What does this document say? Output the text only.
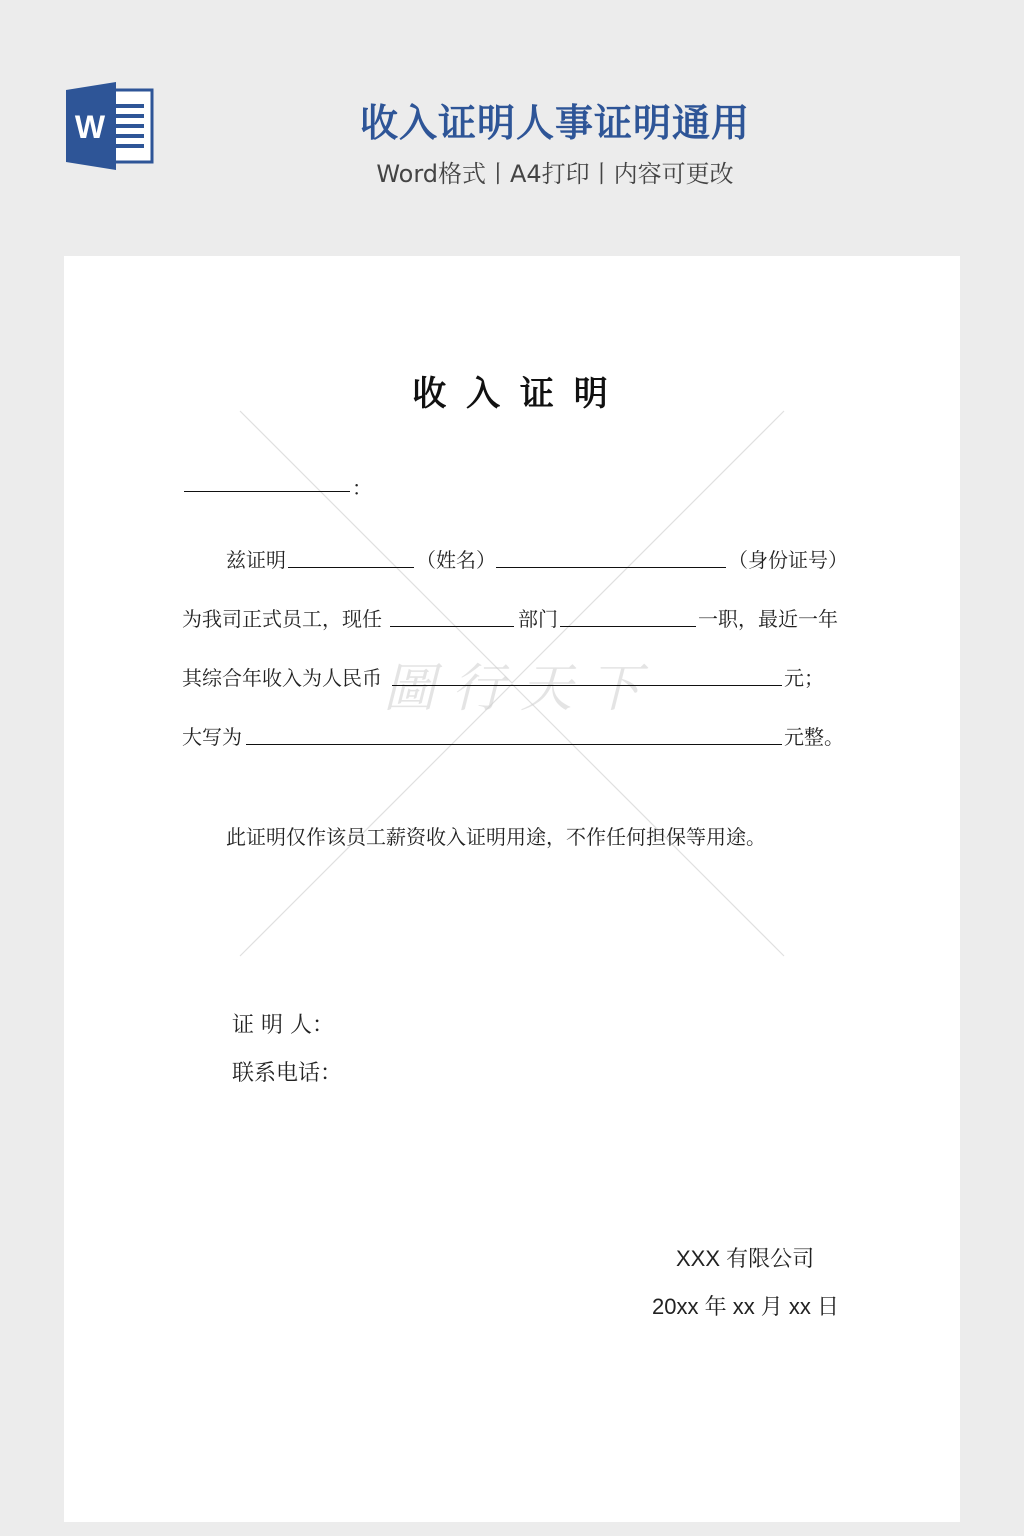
W	收入证明人事证明通用
Word格式丨A4打印丨内容可更改
圖 行 天 下
收 入 证 明
：
兹证明	（姓名）	（身份证号）
为我司正式员工，现任	部门	一职，最近一年
其综合年收入为人民币	元；
大写为	元整。
此证明仅作该员工薪资收入证明用途，不作任何担保等用途。
证 明 人：
联系电话：
XXX 有限公司
20xx 年 xx 月 xx 日
